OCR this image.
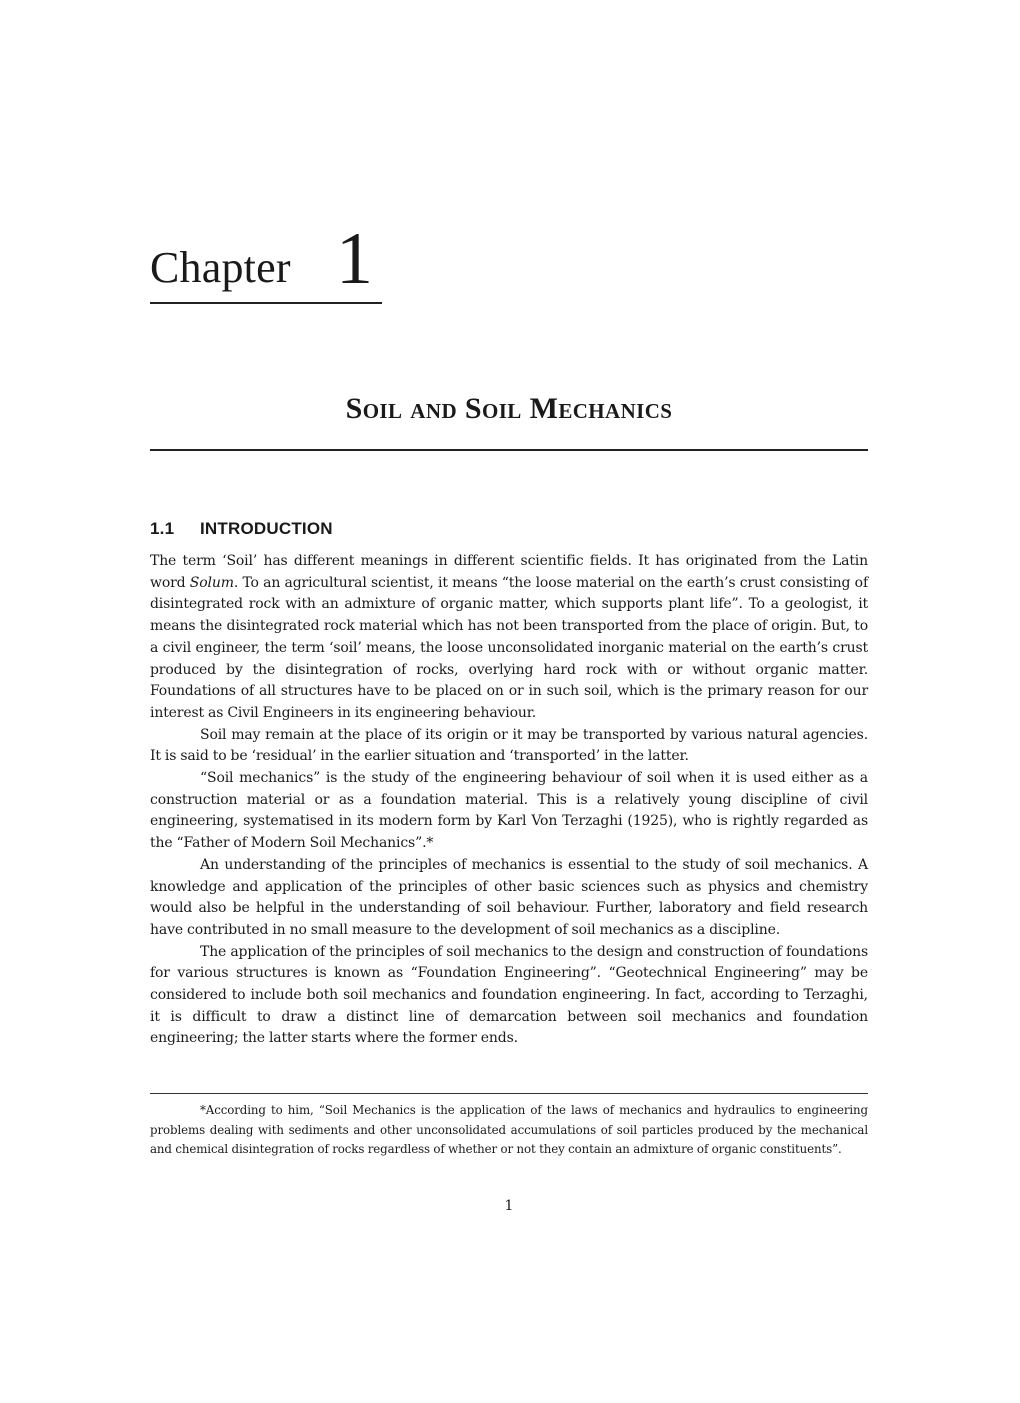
Chapter 1
Soil and Soil Mechanics
1.1 INTRODUCTION

The term ‘Soil’ has different meanings in different scientific fields. It has originated from the Latin word Solum. To an agricultural scientist, it means “the loose material on the earth’s crust consisting of disintegrated rock with an admixture of organic matter, which supports plant life”. To a geologist, it means the disintegrated rock material which has not been transported from the place of origin. But, to a civil engineer, the term ‘soil’ means, the loose unconsolidated inorganic material on the earth’s crust produced by the disintegration of rocks, overlying hard rock with or without organic matter. Foundations of all structures have to be placed on or in such soil, which is the primary reason for our interest as Civil Engineers in its engineering behaviour.

Soil may remain at the place of its origin or it may be transported by various natural agencies. It is said to be ‘residual’ in the earlier situation and ‘transported’ in the latter.

“Soil mechanics” is the study of the engineering behaviour of soil when it is used either as a construction material or as a foundation material. This is a relatively young discipline of civil engineering, systematised in its modern form by Karl Von Terzaghi (1925), who is rightly regarded as the “Father of Modern Soil Mechanics”.*

An understanding of the principles of mechanics is essential to the study of soil mechanics. A knowledge and application of the principles of other basic sciences such as physics and chemistry would also be helpful in the understanding of soil behaviour. Further, laboratory and field research have contributed in no small measure to the development of soil mechanics as a discipline.

The application of the principles of soil mechanics to the design and construction of foundations for various structures is known as “Foundation Engineering”. “Geotechnical Engineering” may be considered to include both soil mechanics and foundation engineering. In fact, according to Terzaghi, it is difficult to draw a distinct line of demarcation between soil mechanics and foundation engineering; the latter starts where the former ends.

*According to him, “Soil Mechanics is the application of the laws of mechanics and hydraulics to engineering problems dealing with sediments and other unconsolidated accumulations of soil particles produced by the mechanical and chemical disintegration of rocks regardless of whether or not they contain an admixture of organic constituents”.
1
